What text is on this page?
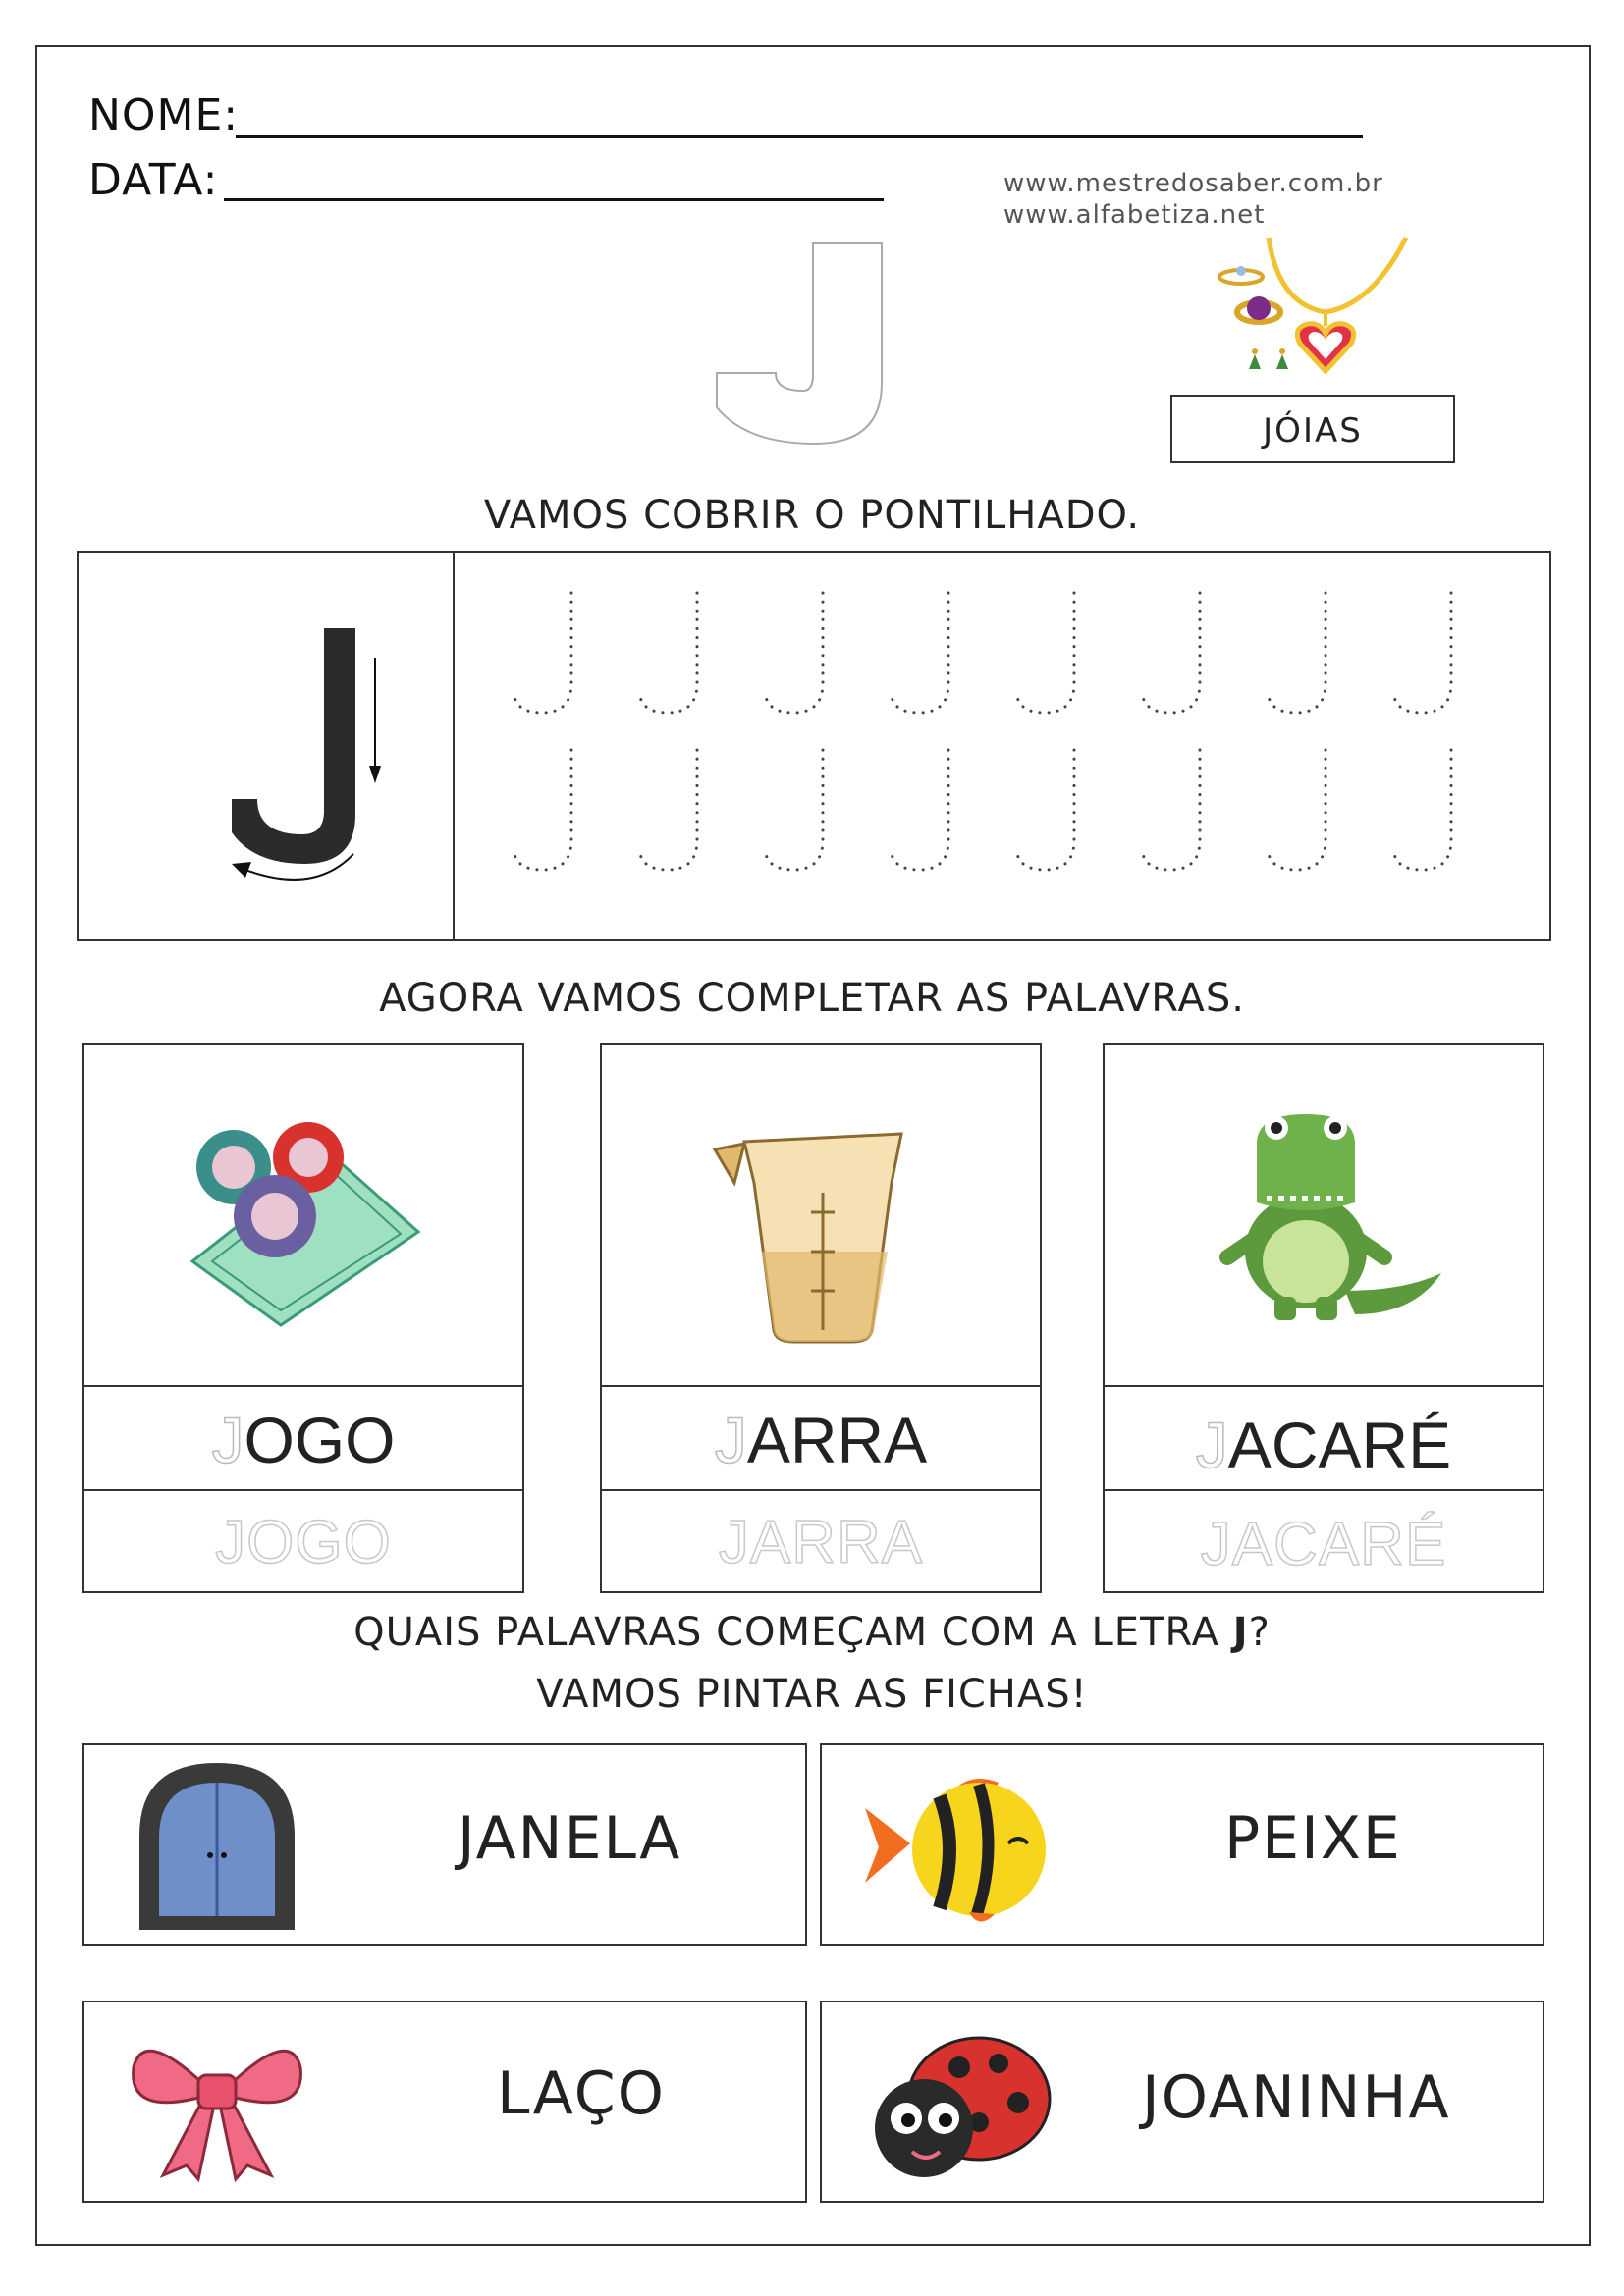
NOME:
DATA:	www.mestredosaber.com.br
www.alfabetiza.net
JÓIAS
VAMOS COBRIR O PONTILHADO.
AGORA VAMOS COMPLETAR AS PALAVRAS.
JOGO
JOGO
JARRA
JARRA
JACARÉ
JACARÉ
QUAIS PALAVRAS COMEÇAM COM A LETRA J?
VAMOS PINTAR AS FICHAS!
JANELA	PEIXE
LAÇO	JOANINHA
